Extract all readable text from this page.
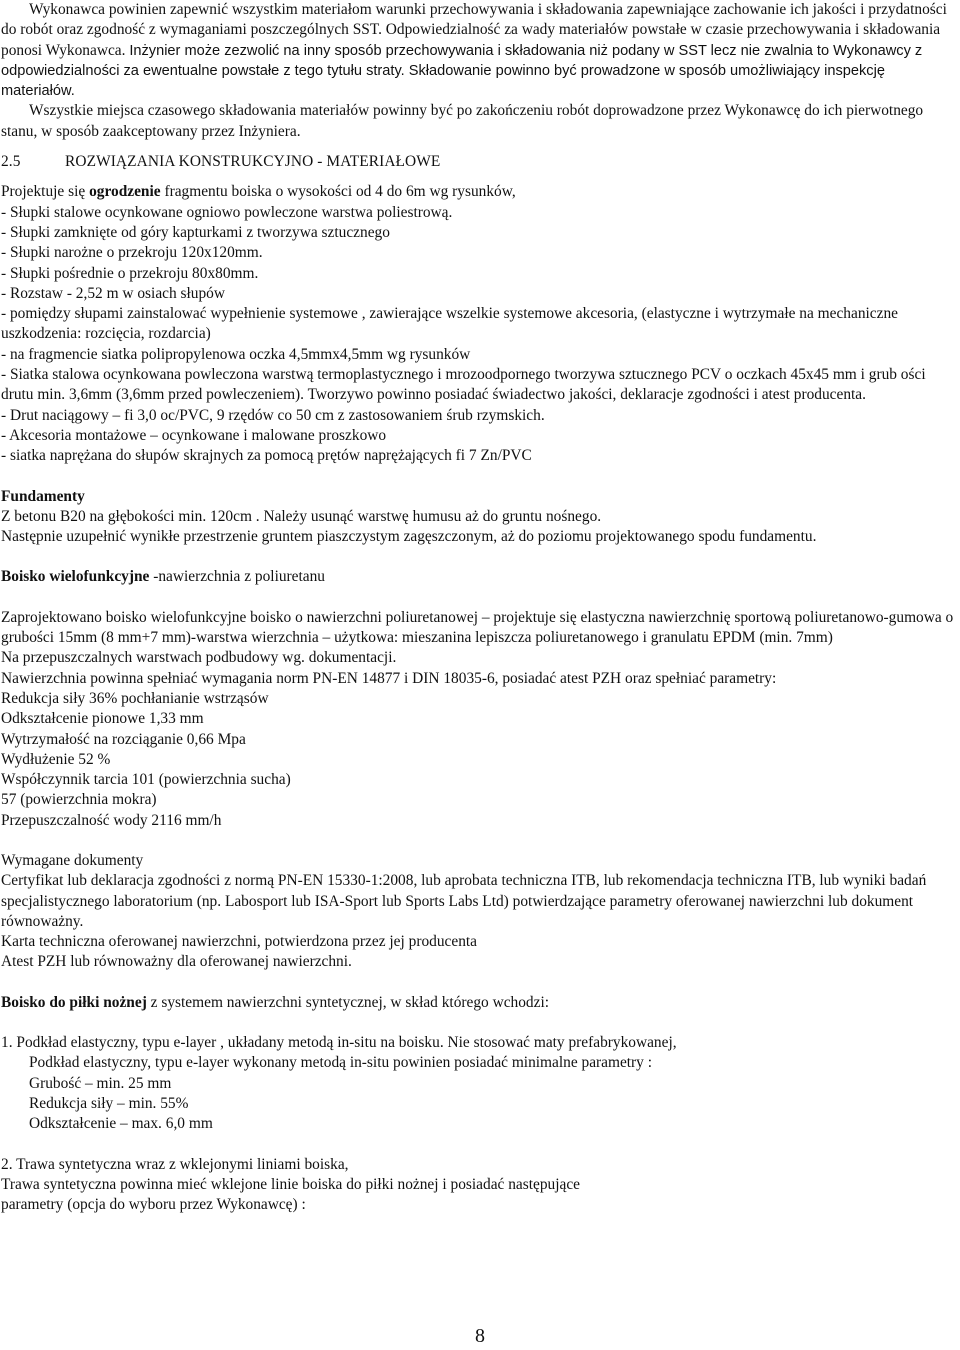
Wykonawca powinien zapewnić wszystkim materiałom warunki przechowywania i składowania zapewniające zachowanie ich jakości i przydatności do robót oraz zgodność z wymaganiami poszczególnych SST. Odpowiedzialność za wady materiałów powstałe w czasie przechowywania i składowania ponosi Wykonawca. Inżynier może zezwolić na inny sposób przechowywania i składowania niż podany w SST lecz nie zwalnia to Wykonawcy z odpowiedzialności za ewentualne powstałe z tego tytułu straty. Składowanie powinno być prowadzone w sposób umożliwiający inspekcję materiałów.

Wszystkie miejsca czasowego składowania materiałów powinny być po zakończeniu robót doprowadzone przez Wykonawcę do ich pierwotnego stanu, w sposób zaakceptowany przez Inżyniera.

2.5	ROZWIĄZANIA KONSTRUKCYJNO - MATERIAŁOWE

Projektuje się ogrodzenie fragmentu boiska o wysokości od 4 do 6m wg rysunków,

- Słupki stalowe ocynkowane ogniowo powleczone warstwa poliestrową.

- Słupki zamknięte od góry kapturkami z tworzywa sztucznego

- Słupki narożne o przekroju 120x120mm.

- Słupki pośrednie o przekroju 80x80mm.

- Rozstaw - 2,52 m w osiach słupów

- pomiędzy słupami zainstalować wypełnienie systemowe , zawierające wszelkie systemowe akcesoria, (elastyczne i wytrzymałe na mechaniczne uszkodzenia: rozcięcia, rozdarcia)

- na fragmencie siatka polipropylenowa oczka 4,5mmx4,5mm wg rysunków

- Siatka stalowa ocynkowana powleczona warstwą termoplastycznego i mrozoodpornego tworzywa sztucznego PCV o oczkach 45x45 mm i grub ości drutu min. 3,6mm (3,6mm przed powleczeniem). Tworzywo powinno posiadać świadectwo jakości, deklaracje zgodności i atest producenta.

- Drut naciągowy – fi 3,0 oc/PVC, 9 rzędów co 50 cm z zastosowaniem śrub rzymskich.

- Akcesoria montażowe – ocynkowane i malowane proszkowo

- siatka naprężana do słupów skrajnych za pomocą prętów naprężających fi 7 Zn/PVC

Fundamenty

Z betonu B20 na głębokości min. 120cm . Należy usunąć warstwę humusu aż do gruntu nośnego.

Następnie uzupełnić wynikłe przestrzenie gruntem piaszczystym zagęszczonym, aż do poziomu projektowanego spodu fundamentu.

Boisko wielofunkcyjne -nawierzchnia z poliuretanu

Zaprojektowano boisko wielofunkcyjne boisko o nawierzchni poliuretanowej – projektuje się elastyczna nawierzchnię sportową poliuretanowo-gumowa o grubości 15mm (8 mm+7 mm)-warstwa wierzchnia – użytkowa: mieszanina lepiszcza poliuretanowego i granulatu EPDM (min. 7mm)

Na przepuszczalnych warstwach podbudowy wg. dokumentacji.

Nawierzchnia powinna spełniać wymagania norm PN-EN 14877 i DIN 18035-6, posiadać atest PZH oraz spełniać parametry:

Redukcja siły 36% pochłanianie wstrząsów

Odkształcenie pionowe 1,33 mm

Wytrzymałość na rozciąganie 0,66 Mpa

Wydłużenie 52 %

Współczynnik tarcia 101 (powierzchnia sucha)

57 (powierzchnia mokra)

Przepuszczalność wody 2116 mm/h

Wymagane dokumenty

Certyfikat lub deklaracja zgodności z normą PN-EN 15330-1:2008, lub aprobata techniczna ITB, lub rekomendacja techniczna ITB, lub wyniki badań specjalistycznego laboratorium (np. Labosport lub ISA-Sport lub Sports Labs Ltd) potwierdzające parametry oferowanej nawierzchni lub dokument równoważny.

Karta techniczna oferowanej nawierzchni, potwierdzona przez jej producenta

Atest PZH lub równoważny dla oferowanej nawierzchni.

Boisko do piłki nożnej z systemem nawierzchni syntetycznej, w skład którego wchodzi:

1. Podkład elastyczny, typu e-layer , układany metodą in-situ na boisku. Nie stosować maty prefabrykowanej,

Podkład elastyczny, typu e-layer wykonany metodą in-situ powinien posiadać minimalne parametry :

Grubość – min. 25 mm

Redukcja siły – min. 55%

Odkształcenie – max. 6,0 mm

2. Trawa syntetyczna wraz z wklejonymi liniami boiska,

Trawa syntetyczna powinna mieć wklejone linie boiska do piłki nożnej i posiadać następujące

parametry (opcja do wyboru przez Wykonawcę) :

8
